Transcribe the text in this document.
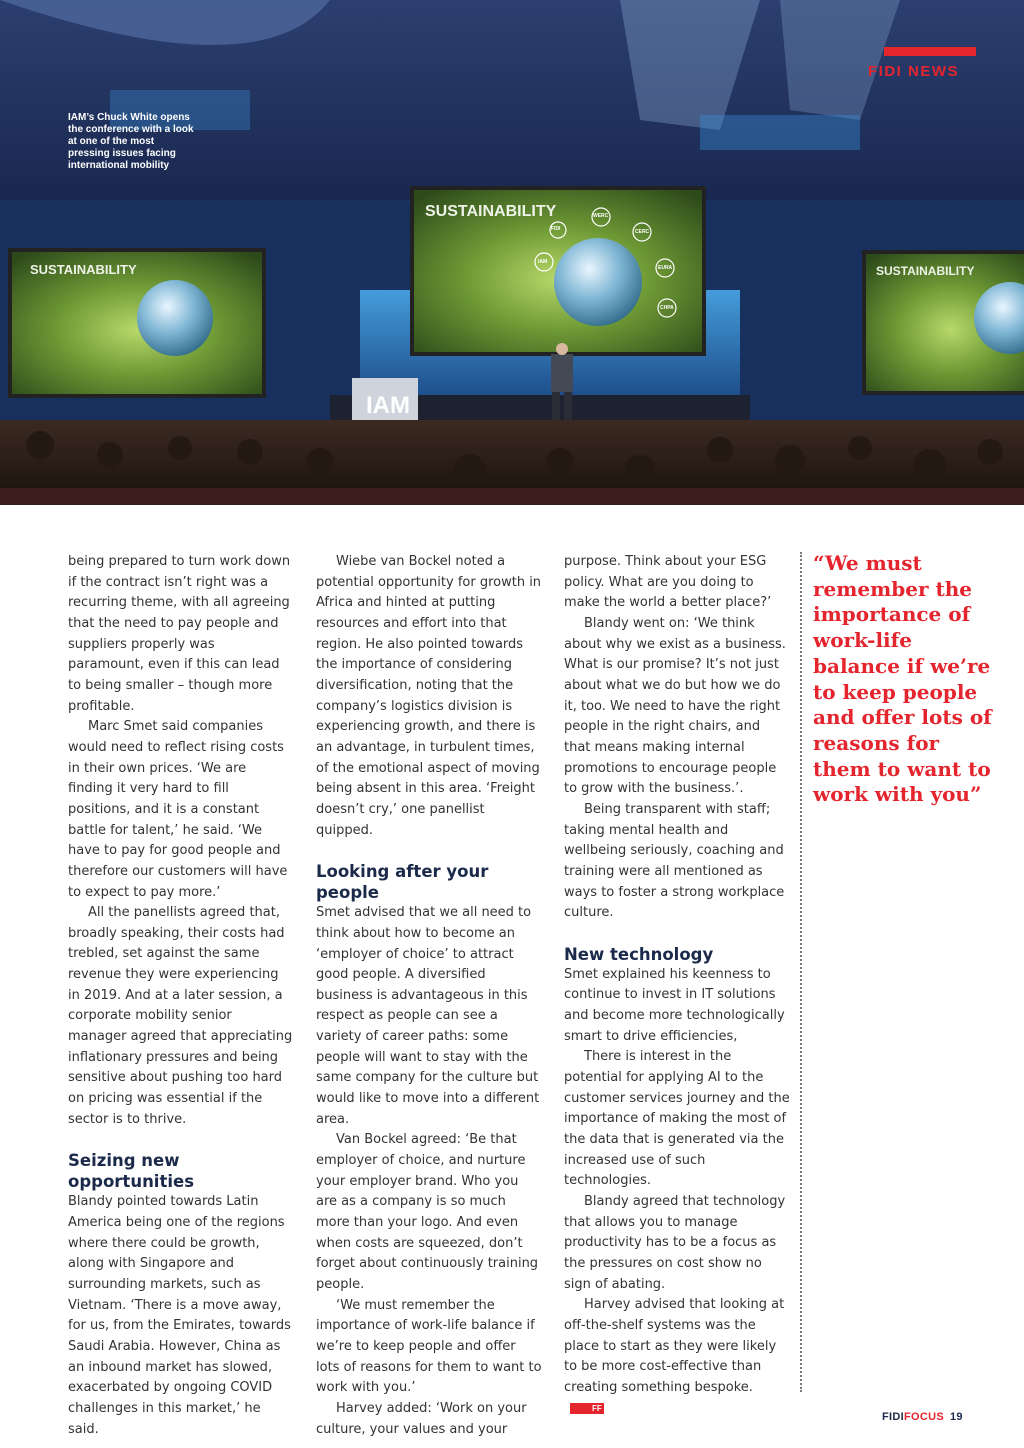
SUSTAINABILITY
SUSTAINABILITY	SUSTAINABILITY
FIDI
WERC
CERC
IAM
EURA
CHPA
IAM
IAM’s Chuck White opens the conference with a look at one of the most pressing issues facing international mobility
FIDI NEWS

being prepared to turn work down if the contract isn’t right was a recurring theme, with all agreeing that the need to pay people and suppliers properly was paramount, even if this can lead to being smaller – though more profitable.

Marc Smet said companies would need to reflect rising costs in their own prices. ‘We are finding it very hard to fill positions, and it is a constant battle for talent,’ he said. ‘We have to pay for good people and therefore our customers will have to expect to pay more.’

All the panellists agreed that, broadly speaking, their costs had trebled, set against the same revenue they were experiencing in 2019. And at a later session, a corporate mobility senior manager agreed that appreciating inflationary pressures and being sensitive about pushing too hard on pricing was essential if the sector is to thrive.

Seizing new opportunities

Blandy pointed towards Latin America being one of the regions where there could be growth, along with Singapore and surrounding markets, such as Vietnam. ‘There is a move away, for us, from the Emirates, towards Saudi Arabia. However, China as an inbound market has slowed, exacerbated by ongoing COVID challenges in this market,’ he said.

Wiebe van Bockel noted a potential opportunity for growth in Africa and hinted at putting resources and effort into that region. He also pointed towards the importance of considering diversification, noting that the company’s logistics division is experiencing growth, and there is an advantage, in turbulent times, of the emotional aspect of moving being absent in this area. ‘Freight doesn’t cry,’ one panellist quipped.

Looking after your people

Smet advised that we all need to think about how to become an ‘employer of choice’ to attract good people. A diversified business is advantageous in this respect as people can see a variety of career paths: some people will want to stay with the same company for the culture but would like to move into a different area.

Van Bockel agreed: ‘Be that employer of choice, and nurture your employer brand. Who you are as a company is so much more than your logo. And even when costs are squeezed, don’t forget about continuously training people.

‘We must remember the importance of work-life balance if we’re to keep people and offer lots of reasons for them to want to work with you.’

Harvey added: ‘Work on your culture, your values and your

purpose. Think about your ESG policy. What are you doing to make the world a better place?’

Blandy went on: ‘We think about why we exist as a business. What is our promise? It’s not just about what we do but how we do it, too. We need to have the right people in the right chairs, and that means making internal promotions to encourage people to grow with the business.’.

Being transparent with staff; taking mental health and wellbeing seriously, coaching and training were all mentioned as ways to foster a strong workplace culture.

New technology

Smet explained his keenness to continue to invest in IT solutions and become more technologically smart to drive efficiencies,

There is interest in the potential for applying AI to the customer services journey and the importance of making the most of the data that is generated via the increased use of such technologies.

Blandy agreed that technology that allows you to manage productivity has to be a focus as the pressures on cost show no sign of abating.

Harvey advised that looking at off-the-shelf systems was the place to start as they were likely to be more cost-effective than creating something bespoke.FF

“We must remember the importance of work-life balance if we’re to keep people and offer lots of reasons for them to want to work with you”
FIDIFOCUS 19
